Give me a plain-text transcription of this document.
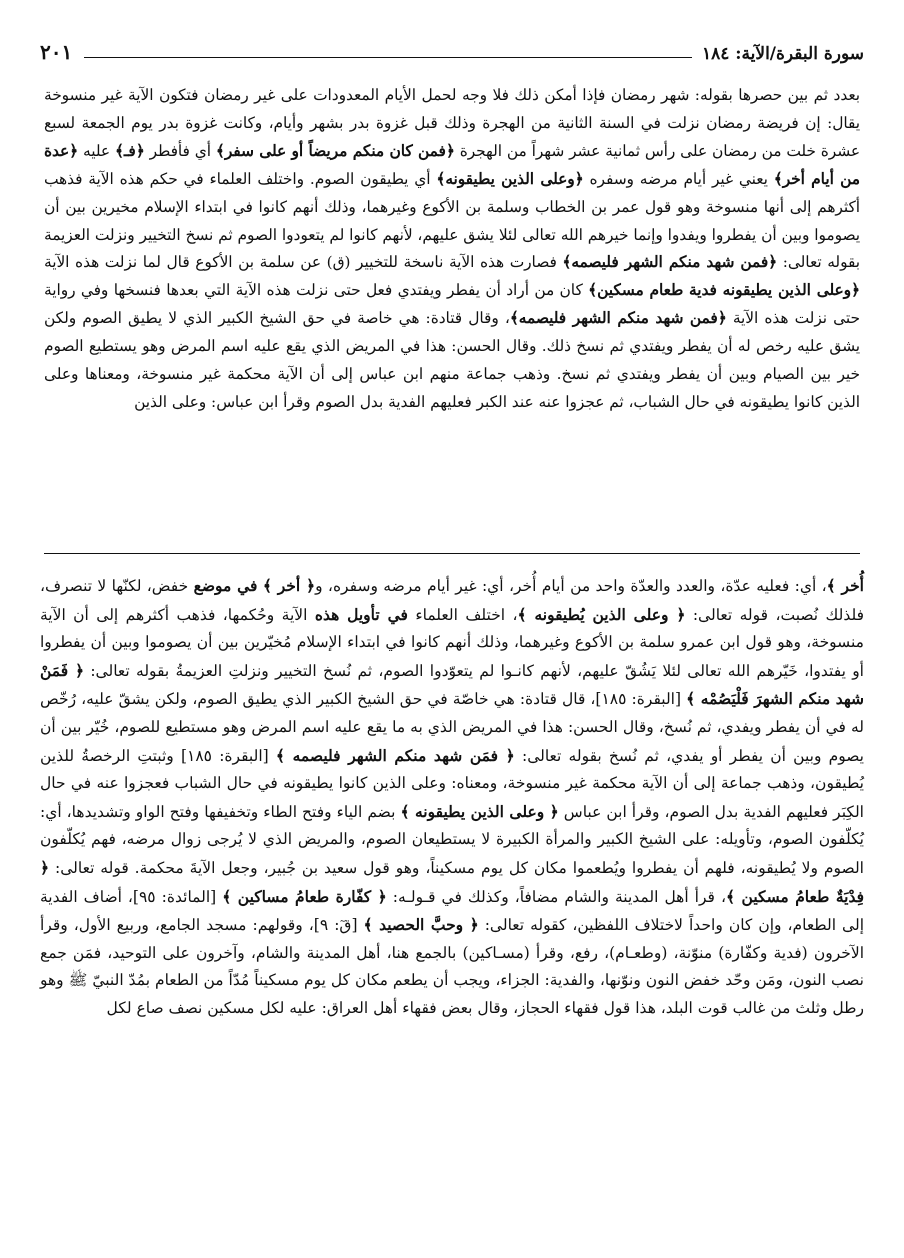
سورة البقرة/الآية: ١٨٤
٢٠١

بعدد ثم بين حصرها بقوله: شهر رمضان فإذا أمكن ذلك فلا وجه لحمل الأيام المعدودات على غير رمضان فتكون الآية غير منسوخة يقال: إن فريضة رمضان نزلت في السنة الثانية من الهجرة وذلك قبل غزوة بدر بشهر وأيام، وكانت غزوة بدر يوم الجمعة لسبع عشرة خلت من رمضان على رأس ثمانية عشر شهراً من الهجرة ﴿فمن كان منكم مريضاً أو على سفر﴾ أي فأفطر ﴿فـ﴾ عليه ﴿عدة من أيام أخر﴾ يعني غير أيام مرضه وسفره ﴿وعلى الذين يطيقونه﴾ أي يطيقون الصوم. واختلف العلماء في حكم هذه الآية فذهب أكثرهم إلى أنها منسوخة وهو قول عمر بن الخطاب وسلمة بن الأكوع وغيرهما، وذلك أنهم كانوا في ابتداء الإسلام مخيرين بين أن يصوموا وبين أن يفطروا ويفدوا وإنما خيرهم الله تعالى لئلا يشق عليهم، لأنهم كانوا لم يتعودوا الصوم ثم نسخ التخيير ونزلت العزيمة بقوله تعالى: ﴿فمن شهد منكم الشهر فليصمه﴾ فصارت هذه الآية ناسخة للتخيير (ق) عن سلمة بن الأكوع قال لما نزلت هذه الآية ﴿وعلى الذين يطيقونه فدية طعام مسكين﴾ كان من أراد أن يفطر ويفتدي فعل حتى نزلت هذه الآية التي بعدها فنسخها وفي رواية حتى نزلت هذه الآية ﴿فمن شهد منكم الشهر فليصمه﴾، وقال قتادة: هي خاصة في حق الشيخ الكبير الذي لا يطيق الصوم ولكن يشق عليه رخص له أن يفطر ويفتدي ثم نسخ ذلك. وقال الحسن: هذا في المريض الذي يقع عليه اسم المرض وهو يستطيع الصوم خير بين الصيام وبين أن يفطر ويفتدي ثم نسخ. وذهب جماعة منهم ابن عباس إلى أن الآية محكمة غير منسوخة، ومعناها وعلى الذين كانوا يطيقونه في حال الشباب، ثم عجزوا عنه عند الكبر فعليهم الفدية بدل الصوم وقرأ ابن عباس: وعلى الذين

أُخر ﴾، أي: فعليه عدّة، والعدد والعدّة واحد من أيام أُخر، أي: غير أيام مرضه وسفره، و﴿ أخر ﴾ في موضع خفض، لكنّها لا تنصرف، فلذلك نُصبت، قوله تعالى: ﴿ وعلى الذين يُطيقونه ﴾، اختلف العلماء في تأويل هذه الآية وحُكمها، فذهب أكثرهم إلى أن الآية منسوخة، وهو قول ابن عمرو سلمة بن الأكوع وغيرهما، وذلك أنهم كانوا في ابتداء الإسلام مُخيّرين بين أن يصوموا وبين أن يفطروا أو يفتدوا، خَيّرهم الله تعالى لئلا يَشُقّ عليهم، لأنهم كانـوا لم يتعوّدوا الصوم، ثم نُسخ التخيير ونزلتِ العزيمةُ بقوله تعالى: ﴿ فَمَنْ شهد منكم الشهرَ فَلْيَصُمْه ﴾ [البقرة: ١٨٥]، قال قتادة: هي خاصّة في حق الشيخ الكبير الذي يطيق الصوم، ولكن يشقّ عليه، رُخّص له في أن يفطر ويفدي، ثم نُسخ، وقال الحسن: هذا في المريض الذي به ما يقع عليه اسم المرض وهو مستطيع للصوم، خُيّر بين أن يصوم وبين أن يفطر أو يفدي، ثم نُسخ بقوله تعالى: ﴿ فمَن شهد منكم الشهر فليصمه ﴾ [البقرة: ١٨٥] وثبتتِ الرخصةُ للذين يُطيقون، وذهب جماعة إلى أن الآية محكمة غير منسوخة، ومعناه: وعلى الذين كانوا يطيقونه في حال الشباب فعجزوا عنه في حال الكِبَر فعليهم الفدية بدل الصوم، وقرأ ابن عباس ﴿ وعلى الذين يطيقونه ﴾ بضم الياء وفتح الطاء وتخفيفها وفتح الواو وتشديدها، أي: يُكلّفون الصوم، وتأويله: على الشيخ الكبير والمرأة الكبيرة لا يستطيعان الصوم، والمريض الذي لا يُرجى زوال مرضه، فهم يُكلّفون الصوم ولا يُطيقونه، فلهم أن يفطروا ويُطعموا مكان كل يوم مسكيناً، وهو قول سعيد بن جُبير، وجعل الآيةَ محكمة. قوله تعالى: ﴿ فِدْيَةٌ طعامُ مسكين ﴾، قرأ أهل المدينة والشام مضافاً، وكذلك في قـولـه: ﴿ كفّارة طعامُ مساكين ﴾ [المائدة: ٩٥]، أضاف الفدية إلى الطعام، وإن كان واحداً لاختلاف اللفظين، كقوله تعالى: ﴿ وحبَّ الحصيد ﴾ [قٓ: ٩]، وقولهم: مسجد الجامع، وربيع الأول، وقرأ الآخرون (فدية وكفّارة) منوّنة، (وطعـام)، رفع، وقرأ (مسـاكين) بالجمع هنا، أهل المدينة والشام، وآخرون على التوحيد، فمَن جمع نصب النون، ومَن وحّد خفض النون ونوّنها، والفدية: الجزاء، ويجب أن يطعم مكان كل يوم مسكيناً مُدّاً من الطعام بمُدّ النبيّ ﷺ وهو رطل وثلث من غالب قوت البلد، هذا قول فقهاء الحجاز، وقال بعض فقهاء أهل العراق: عليه لكل مسكين نصف صاع لكل
